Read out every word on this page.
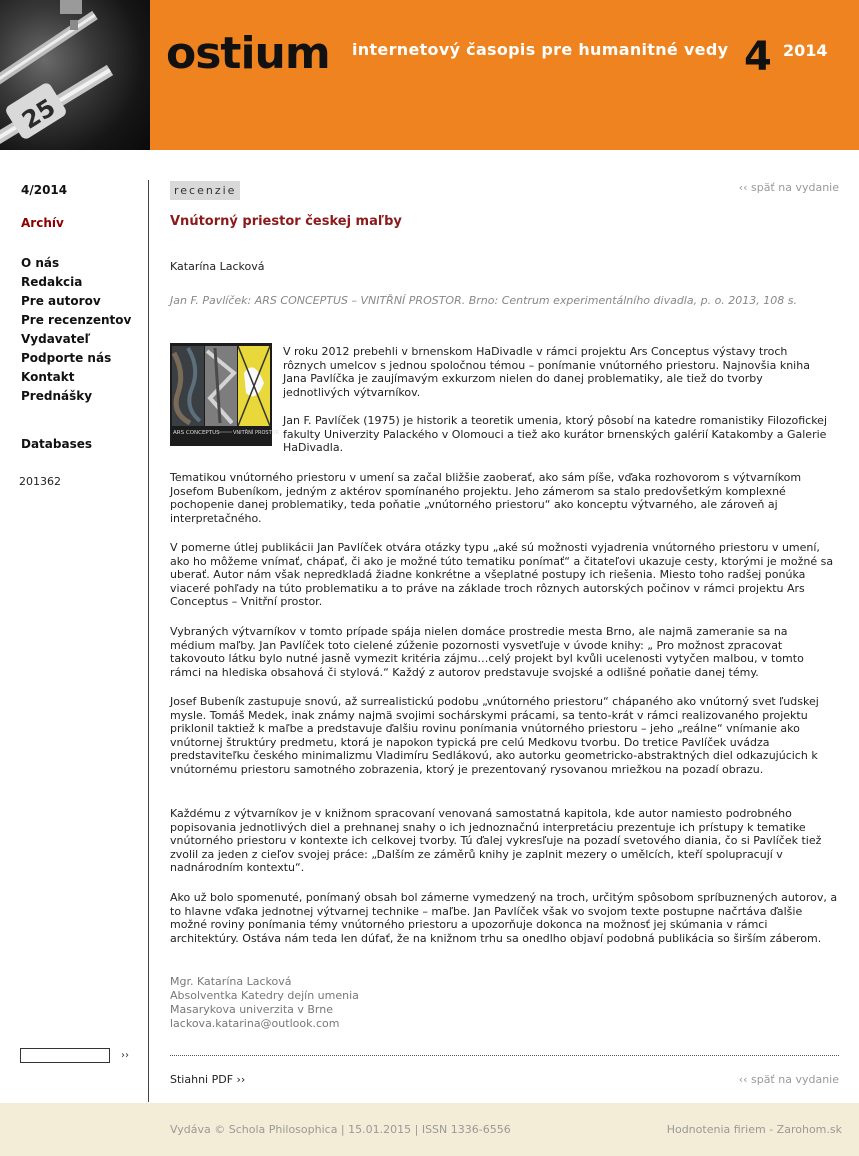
25
ostium internetový časopis pre humanitné vedy 4 2014
4/2014
Archív
O nás
Redakcia
Pre autorov
Pre recenzentov
Vydavateľ
Podporte nás
Kontakt
Prednášky
Databases
201362
››
recenzie	‹‹ späť na vydanie
Vnútorný priestor českej maľby
Katarína Lacková
Jan F. Pavlíček: ARS CONCEPTUS – VNITŘNÍ PROSTOR. Brno: Centrum experimentálního divadla, p. o. 2013, 108 s.
ARS CONCEPTUS	VNITŘNÍ PROSTOR

V roku 2012 prebehli v brnenskom HaDivadle v rámci projektu Ars Conceptus výstavy troch rôznych umelcov s jednou spoločnou témou – ponímanie vnútorného priestoru. Najnovšia kniha Jana Pavlíčka je zaujímavým exkurzom nielen do danej problematiky, ale tiež do tvorby jednotlivých výtvarníkov.

Jan F. Pavlíček (1975) je historik a teoretik umenia, ktorý pôsobí na katedre romanistiky Filozofickej fakulty Univerzity Palackého v Olomouci a tiež ako kurátor brnenských galérií Katakomby a Galerie HaDivadla.

Tematikou vnútorného priestoru v umení sa začal bližšie zaoberať, ako sám píše, vďaka rozhovorom s výtvarníkom Josefom Bubeníkom, jedným z aktérov spomínaného projektu. Jeho zámerom sa stalo predovšetkým komplexné pochopenie danej problematiky, teda poňatie „vnútorného priestoru“ ako konceptu výtvarného, ale zároveň aj interpretačného.

V pomerne útlej publikácii Jan Pavlíček otvára otázky typu „aké sú možnosti vyjadrenia vnútorného priestoru v umení, ako ho môžeme vnímať, chápať, či ako je možné túto tematiku ponímať“ a čitateľovi ukazuje cesty, ktorými je možné sa uberať. Autor nám však nepredkladá žiadne konkrétne a všeplatné postupy ich riešenia. Miesto toho radšej ponúka viaceré pohľady na túto problematiku a to práve na základe troch rôznych autorských počinov v rámci projektu Ars Conceptus – Vnitřní prostor.

Vybraných výtvarníkov v tomto prípade spája nielen domáce prostredie mesta Brno, ale najmä zameranie sa na médium maľby. Jan Pavlíček toto cielené zúženie pozornosti vysvetľuje v úvode knihy: „ Pro možnost zpracovat takovouto látku bylo nutné jasně vymezit kritéria zájmu…celý projekt byl kvůli ucelenosti vytyčen malbou, v tomto rámci na hlediska obsahová či stylová.“ Každý z autorov predstavuje svojské a odlišné poňatie danej témy.

Josef Bubeník zastupuje snovú, až surrealistickú podobu „vnútorného priestoru“ chápaného ako vnútorný svet ľudskej mysle. Tomáš Medek, inak známy najmä svojimi sochárskymi prácami, sa tento-krát v rámci realizovaného projektu priklonil taktiež k maľbe a predstavuje ďalšiu rovinu ponímania vnútorného priestoru – jeho „reálne“ vnímanie ako vnútornej štruktúry predmetu, ktorá je napokon typická pre celú Medkovu tvorbu. Do tretice Pavlíček uvádza predstaviteľku českého minimalizmu Vladimíru Sedlákovú, ako autorku geometricko-abstraktných diel odkazujúcich k vnútornému priestoru samotného zobrazenia, ktorý je prezentovaný rysovanou mriežkou na pozadí obrazu.

Každému z výtvarníkov je v knižnom spracovaní venovaná samostatná kapitola, kde autor namiesto podrobného popisovania jednotlivých diel a prehnanej snahy o ich jednoznačnú interpretáciu prezentuje ich prístupy k tematike vnútorného priestoru v kontexte ich celkovej tvorby. Tú ďalej vykresľuje na pozadí svetového diania, čo si Pavlíček tiež zvolil za jeden z cieľov svojej práce: „Dalším ze záměrů knihy je zaplnit mezery o umělcích, kteří spolupracují v nadnárodním kontextu“.

Ako už bolo spomenuté, ponímaný obsah bol zámerne vymedzený na troch, určitým spôsobom spríbuznených autorov, a to hlavne vďaka jednotnej výtvarnej technike – maľbe. Jan Pavlíček však vo svojom texte postupne načrtáva ďalšie možné roviny ponímania témy vnútorného priestoru a upozorňuje dokonca na možnosť jej skúmania v rámci architektúry. Ostáva nám teda len dúfať, že na knižnom trhu sa onedlho objaví podobná publikácia so širším záberom.

Mgr. Katarína Lacková
Absolventka Katedry dejín umenia
Masarykova univerzita v Brne
lackova.katarina@outlook.com
Stiahni PDF ››	‹‹ späť na vydanie
Vydáva © Schola Philosophica | 15.01.2015 | ISSN 1336-6556	Hodnotenia firiem - Zarohom.sk
